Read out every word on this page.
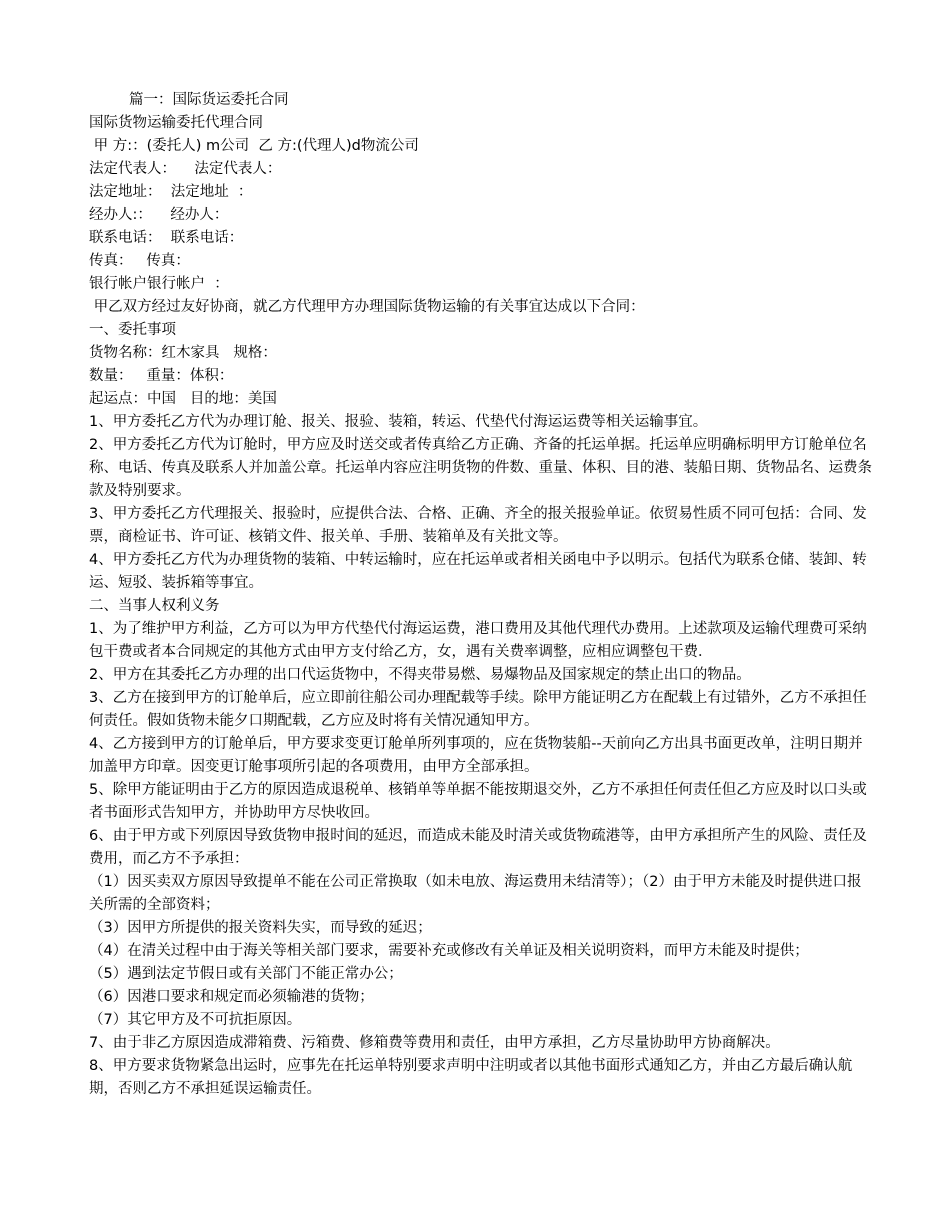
篇一：国际货运委托合同

国际货物运输委托代理合同

甲 方:：(委托人) m公司  乙 方:(代理人)d物流公司

法定代表人：    法定代表人：

法定地址：  法定地址  ：

经办人:：    经办人：

联系电话：  联系电话：

传真：   传真：

银行帐户银行帐户  ：

甲乙双方经过友好协商，就乙方代理甲方办理国际货物运输的有关事宜达成以下合同：

一、委托事项

货物名称：红木家具   规格：

数量：   重量：体积：

起运点：中国   目的地：美国

1、甲方委托乙方代为办理订舱、报关、报验、装箱，转运、代垫代付海运运费等相关运输事宜。

2、甲方委托乙方代为订舱时，甲方应及时送交或者传真给乙方正确、齐备的托运单据。托运单应明确标明甲方订舱单位名称、电话、传真及联系人并加盖公章。托运单内容应注明货物的件数、重量、体积、目的港、装船日期、货物品名、运费条款及特别要求。

3、甲方委托乙方代理报关、报验时，应提供合法、合格、正确、齐全的报关报验单证。依贸易性质不同可包括：合同、发票，商检证书、许可证、核销文件、报关单、手册、装箱单及有关批文等。

4、甲方委托乙方代为办理货物的装箱、中转运输时，应在托运单或者相关函电中予以明示。包括代为联系仓储、装卸、转运、短驳、装拆箱等事宜。

二、当事人权利义务

1、为了维护甲方利益，乙方可以为甲方代垫代付海运运费，港口费用及其他代理代办费用。上述款项及运输代理费可采纳包干费或者本合同规定的其他方式由甲方支付给乙方，女，遇有关费率调整，应相应调整包干费．

2、甲方在其委托乙方办理的出口代运货物中，不得夹带易燃、易爆物品及国家规定的禁止出口的物品。

3、乙方在接到甲方的订舱单后，应立即前往船公司办理配载等手续。除甲方能证明乙方在配载上有过错外，乙方不承担任何责任。假如货物未能夕口期配载，乙方应及时将有关情况通知甲方。

4、乙方接到甲方的订舱单后，甲方要求变更订舱单所列事项的，应在货物装船--天前向乙方出具书面更改单，注明日期并加盖甲方印章。因变更订舱事项所引起的各项费用，由甲方全部承担。

5、除甲方能证明由于乙方的原因造成退税单、核销单等单据不能按期退交外，乙方不承担任何责任但乙方应及时以口头或者书面形式告知甲方，并协助甲方尽快收回。

6、由于甲方或下列原因导致货物申报时间的延迟，而造成未能及时清关或货物疏港等，由甲方承担所产生的风险、责任及费用，而乙方不予承担：

（1）因买卖双方原因导致提单不能在公司正常换取（如未电放、海运费用未结清等）；（2）由于甲方未能及时提供进口报关所需的全部资料；

（3）因甲方所提供的报关资料失实，而导致的延迟；

（4）在清关过程中由于海关等相关部门要求，需要补充或修改有关单证及相关说明资料，而甲方未能及时提供；

（5）遇到法定节假日或有关部门不能正常办公；

（6）因港口要求和规定而必须输港的货物；

（7）其它甲方及不可抗拒原因。

7、由于非乙方原因造成滞箱费、污箱费、修箱费等费用和责任，由甲方承担，乙方尽量协助甲方协商解决。

8、甲方要求货物紧急出运时，应事先在托运单特别要求声明中注明或者以其他书面形式通知乙方，并由乙方最后确认航期，否则乙方不承担延误运输责任。
